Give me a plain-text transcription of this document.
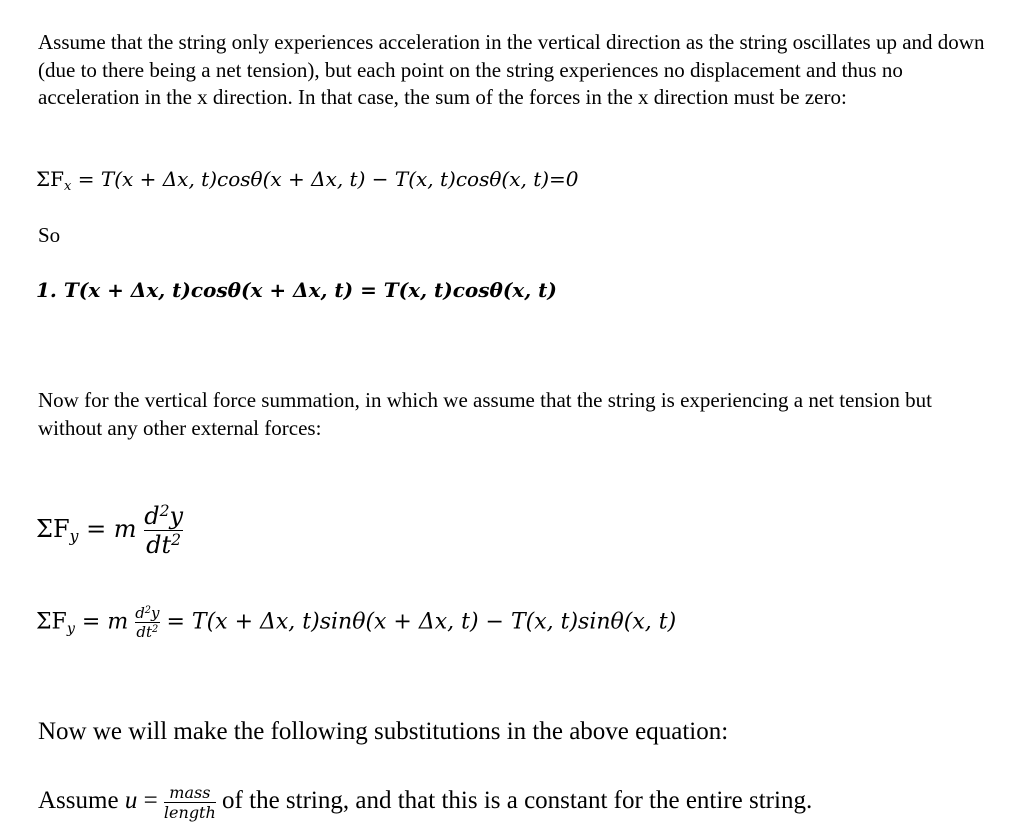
Assume that the string only experiences acceleration in the vertical direction as the string oscillates up and down (due to there being a net tension), but each point on the string experiences no displacement and thus no acceleration in the x direction. In that case, the sum of the forces in the x direction must be zero:
$\Sigma F_x = T(x + \Delta x$, t)cosθ(x + Δx, t) − T(x, t)cosθ(x, t)=0
So
1. T(x + Δx, t)cosθ(x + Δx, t) = T(x, t)cosθ(x, t)
Now for the vertical force summation, in which we assume that the string is experiencing a net tension but without any other external forces:
$\Sigma F_y = m \frac{d^2y}{dt^2}$
$\Sigma F_y = m \frac{d^2y}{dt^2} = T(x + \Delta x$, t)sinθ(x + Δx, t) − T(x, t)sinθ(x, t)
Now we will make the following substitutions in the above equation:
Assume $u = \frac{\text{mass}}{\text{length}}$ of the string, and that this is a constant for the entire string.
